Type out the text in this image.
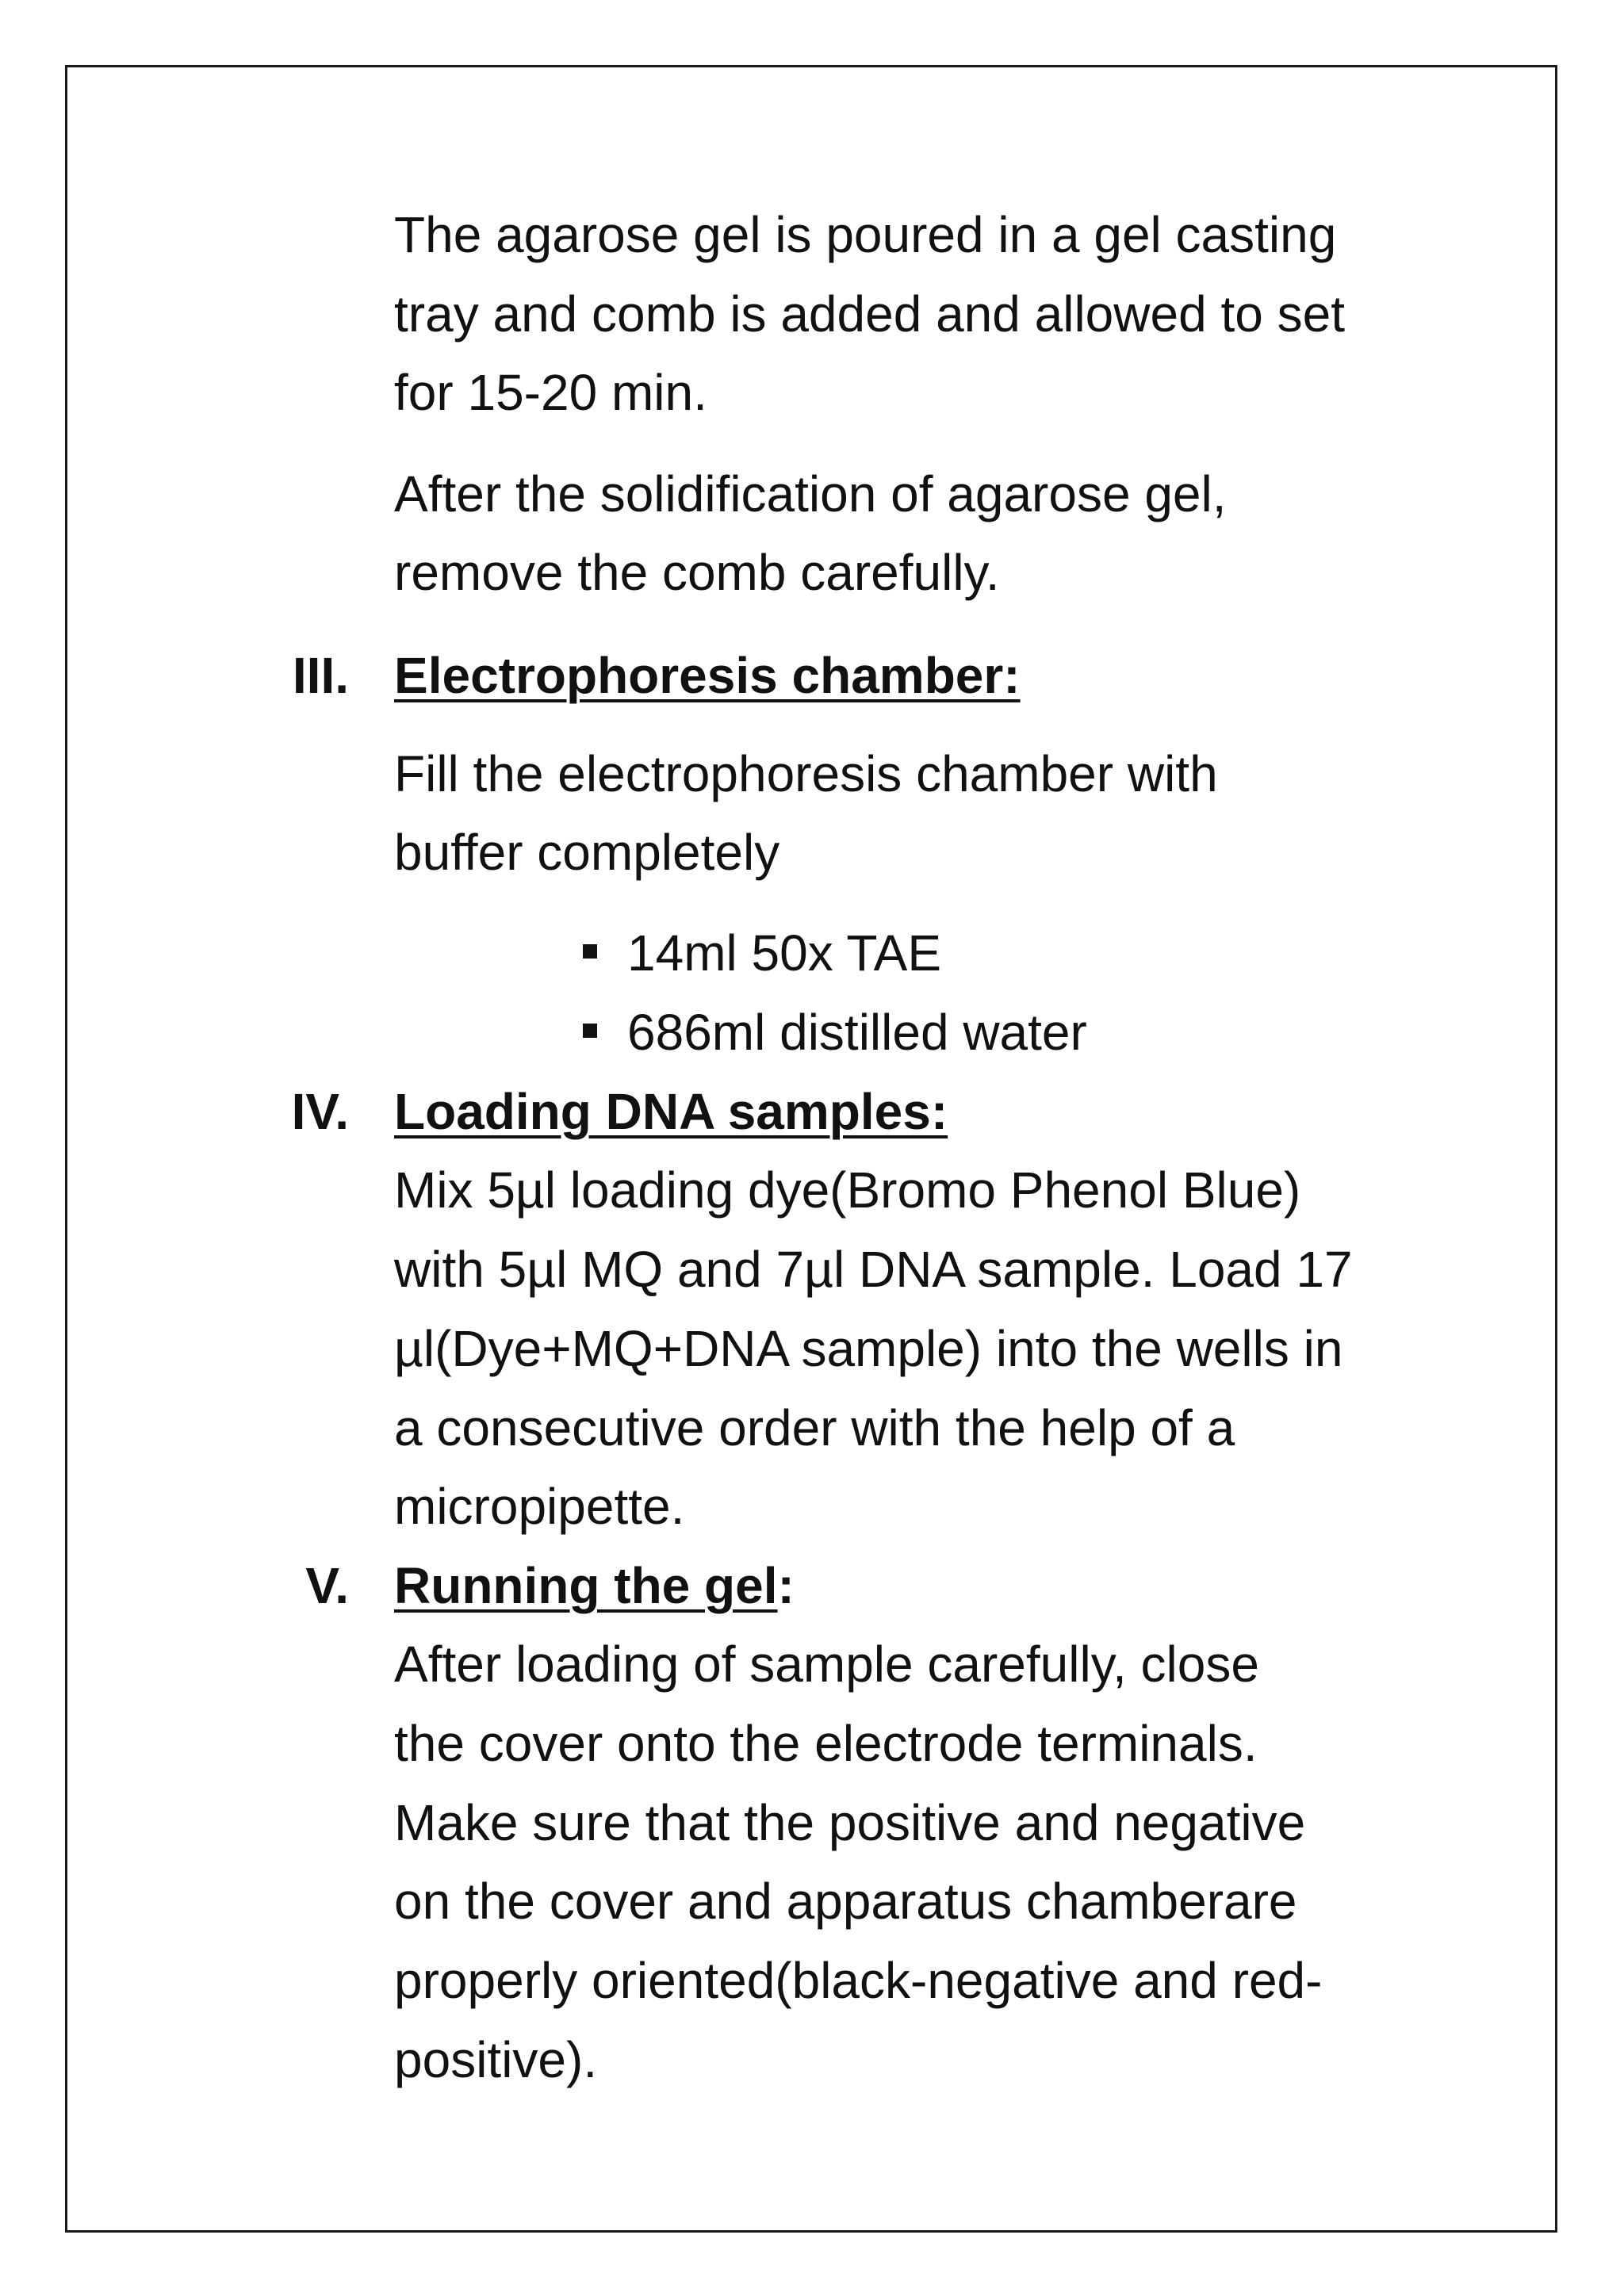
The agarose gel is poured in a gel casting
tray and comb is added and allowed to set
for 15-20 min.
After the solidification of agarose gel,
remove the comb carefully.
III. Electrophoresis chamber:
Fill the electrophoresis chamber with
buffer completely
14ml 50x TAE
686ml distilled water
IV. Loading DNA samples:
Mix 5µl loading dye(Bromo Phenol Blue)
with 5µl MQ and 7µl DNA sample. Load 17
µl(Dye+MQ+DNA sample) into the wells in
a consecutive order with the help of a
micropipette.
V. Running the gel:
After loading of sample carefully, close
the cover onto the electrode terminals.
Make sure that the positive and negative
on the cover and apparatus chamberare
properly oriented(black-negative and red-
positive).
